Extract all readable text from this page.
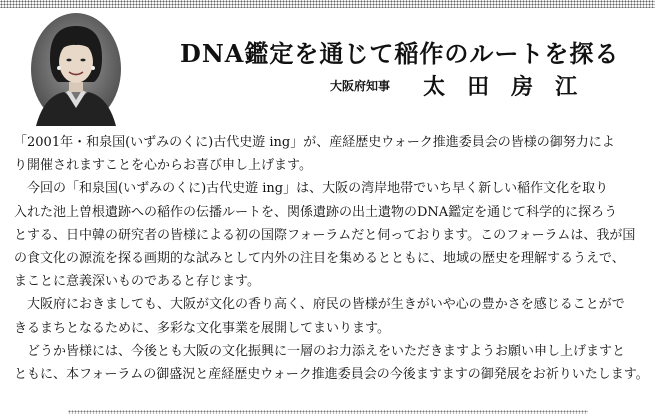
DNA鑑定を通じて稲作のルートを探る
大阪府知事 太田房江

「2001年・和泉国(いずみのくに)古代史遊 ing」が、産経歴史ウォーク推進委員会の皆様の御努力によ

り開催されますことを心からお喜び申し上げます。

　今回の「和泉国(いずみのくに)古代史遊 ing」は、大阪の湾岸地帯でいち早く新しい稲作文化を取り

入れた池上曽根遺跡への稲作の伝播ルートを、関係遺跡の出土遺物のDNA鑑定を通じて科学的に探ろう

とする、日中韓の研究者の皆様による初の国際フォーラムだと伺っております。このフォーラムは、我が国

の食文化の源流を探る画期的な試みとして内外の注目を集めるとともに、地域の歴史を理解するうえで、

まことに意義深いものであると存じます。

　大阪府におきましても、大阪が文化の香り高く、府民の皆様が生きがいや心の豊かさを感じることがで

きるまちとなるために、多彩な文化事業を展開してまいります。

　どうか皆様には、今後とも大阪の文化振興に一層のお力添えをいただきますようお願い申し上げますと

ともに、本フォーラムの御盛況と産経歴史ウォーク推進委員会の今後ますますの御発展をお祈りいたします。
